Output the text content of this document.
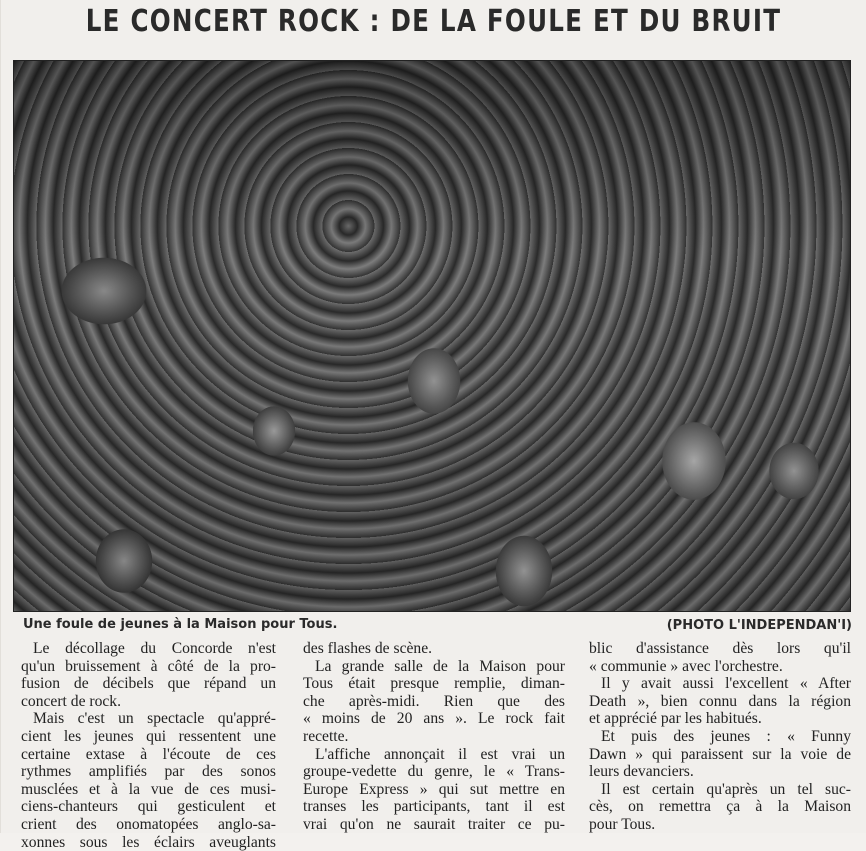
LE CONCERT ROCK : DE LA FOULE ET DU BRUIT
Une foule de jeunes à la Maison pour Tous.	(PHOTO L'INDEPENDAN'I)
Le décollage du Concorde n'est
qu'un bruissement à côté de la pro-
fusion de décibels que répand un
concert de rock.
Mais c'est un spectacle qu'appré-
cient les jeunes qui ressentent une
certaine extase à l'écoute de ces
rythmes amplifiés par des sonos
musclées et à la vue de ces musi-
ciens-chanteurs qui gesticulent et
crient des onomatopées anglo-sa-
xonnes sous les éclairs aveuglants
des flashes de scène.
La grande salle de la Maison pour
Tous était presque remplie, diman-
che après-midi. Rien que des
« moins de 20 ans ». Le rock fait
recette.
L'affiche annonçait il est vrai un
groupe-vedette du genre, le « Trans-
Europe Express » qui sut mettre en
transes les participants, tant il est
vrai qu'on ne saurait traiter ce pu-
blic d'assistance dès lors qu'il
« communie » avec l'orchestre.
Il y avait aussi l'excellent « After
Death », bien connu dans la région
et apprécié par les habitués.
Et puis des jeunes : « Funny
Dawn » qui paraissent sur la voie de
leurs devanciers.
Il est certain qu'après un tel suc-
cès, on remettra ça à la Maison
pour Tous.
